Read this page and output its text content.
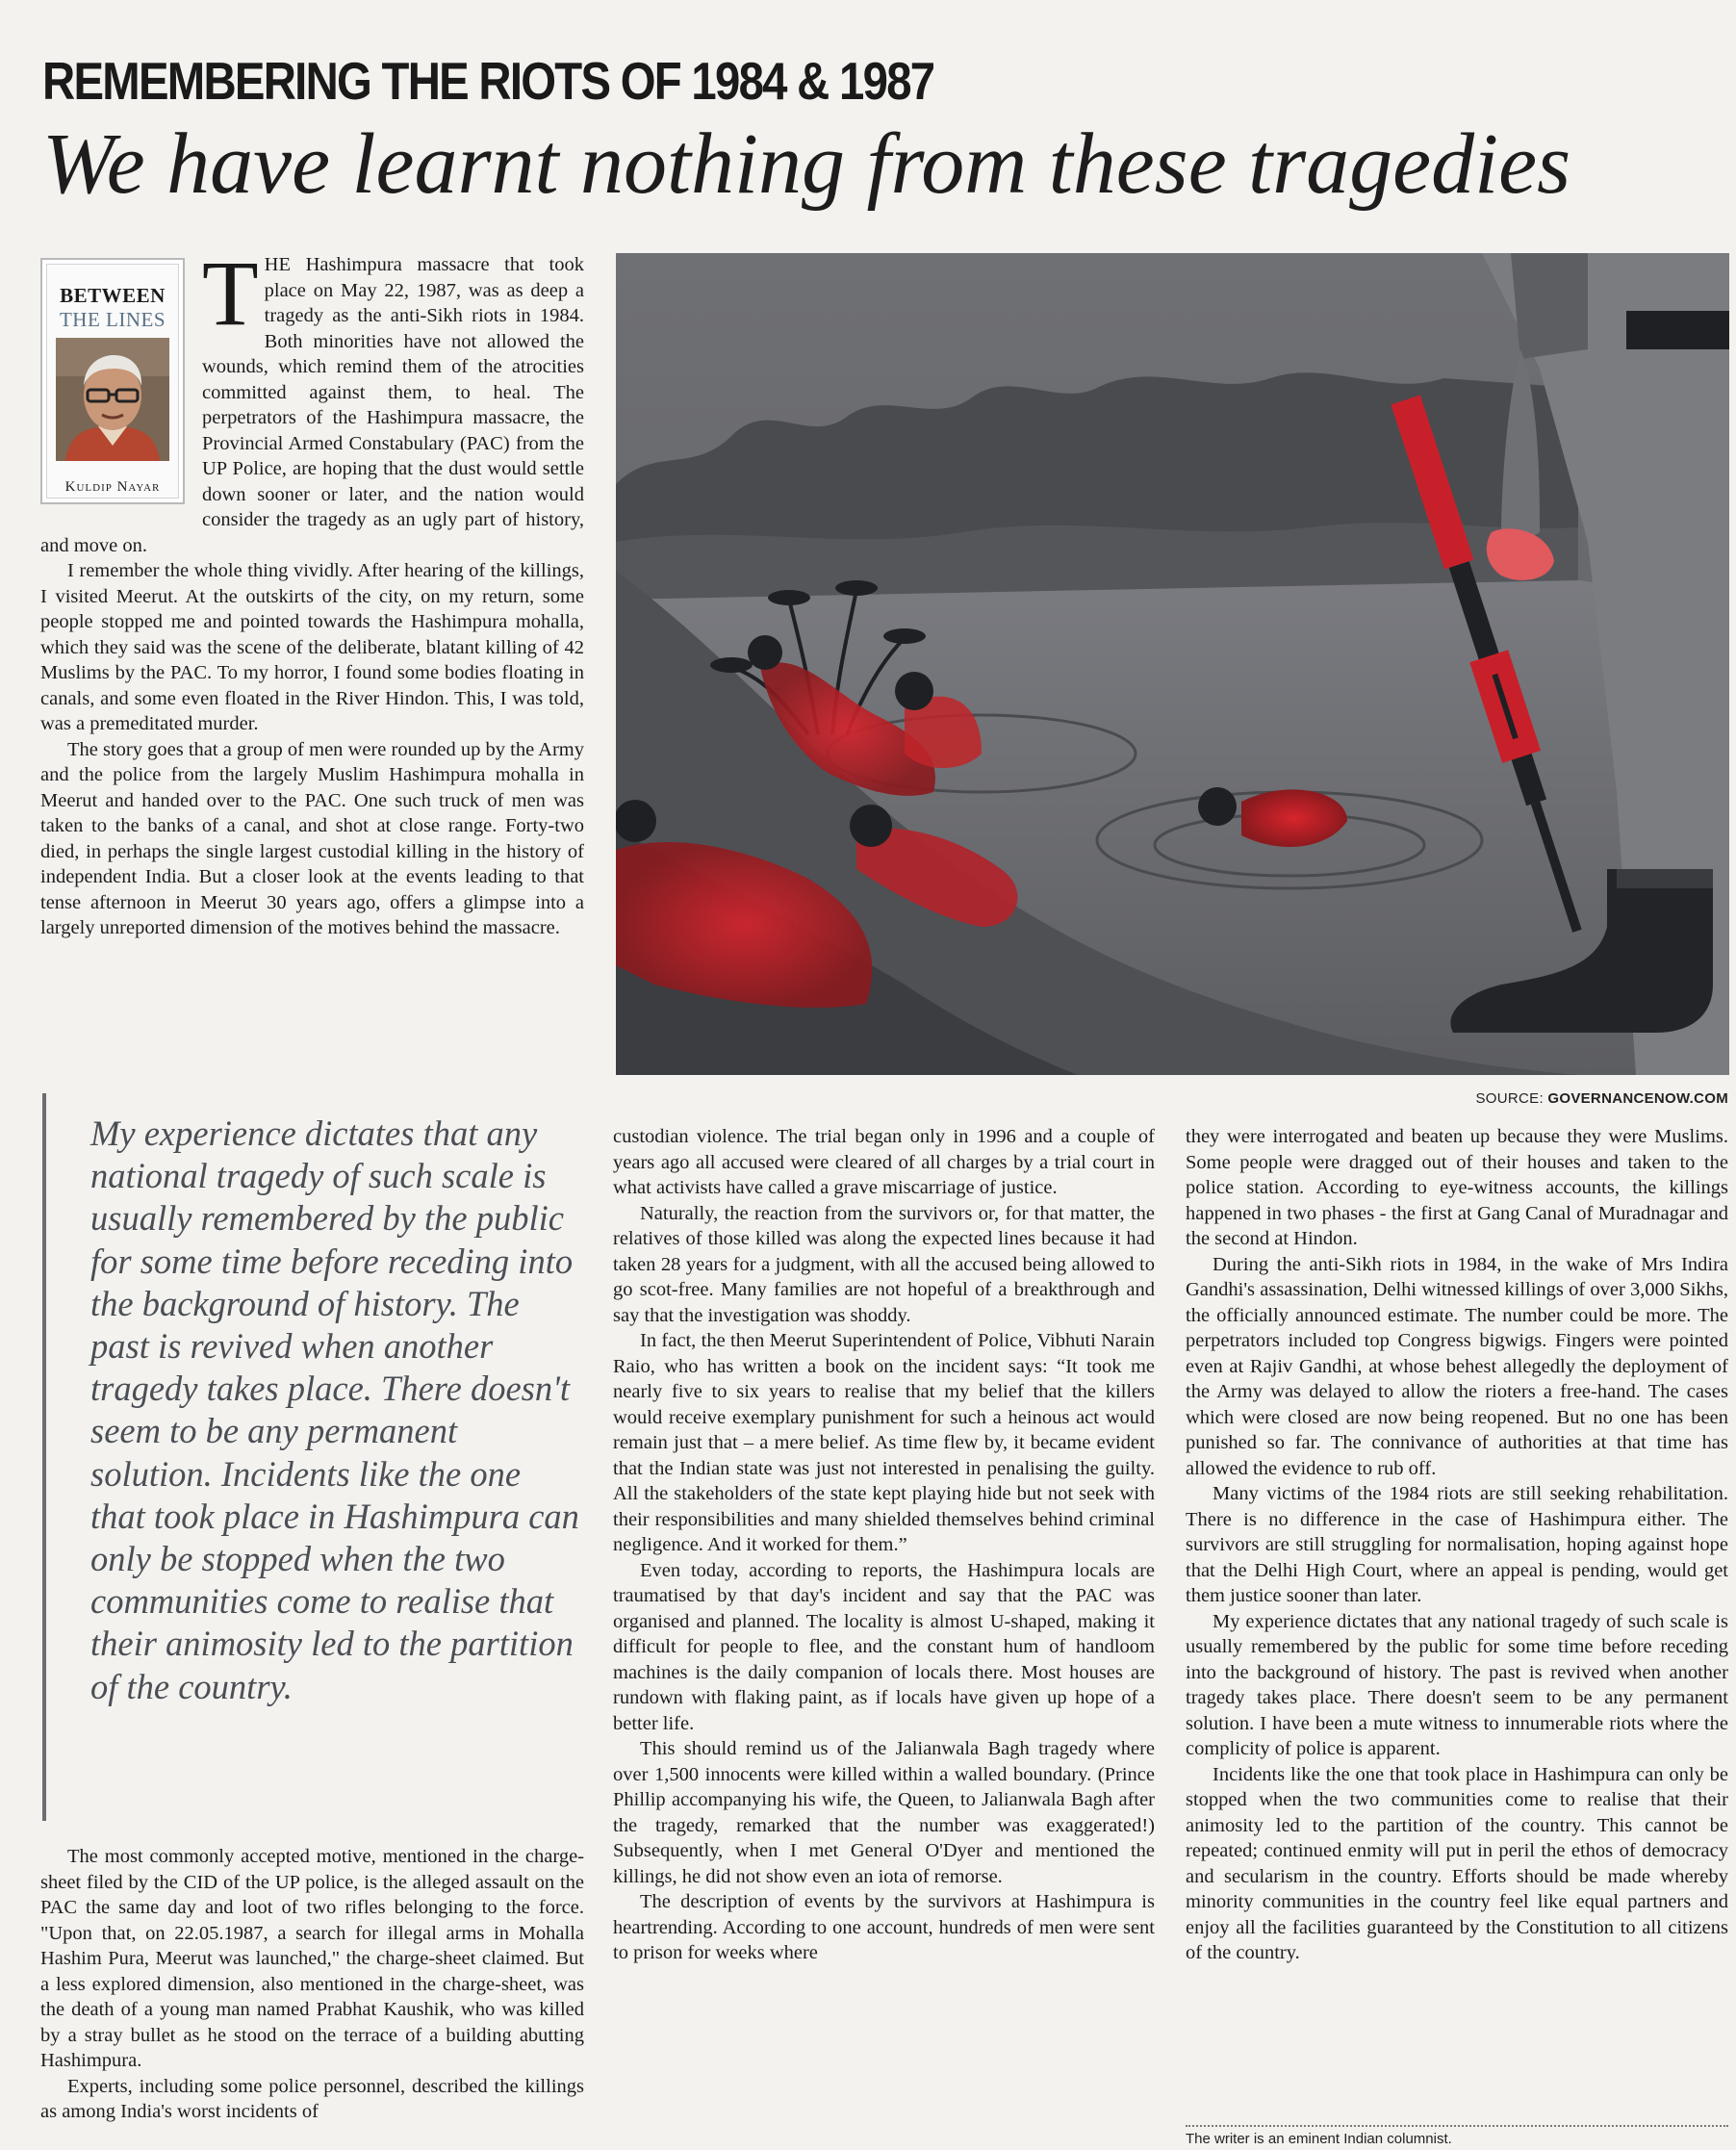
REMEMBERING THE RIOTS OF 1984 & 1987
We have learnt nothing from these tragedies
BETWEEN
THE LINES
Kuldip Nayar

THE Hashimpura massacre that took place on May 22, 1987, was as deep a tragedy as the anti-Sikh riots in 1984. Both minorities have not allowed the wounds, which remind them of the atrocities committed against them, to heal. The perpetrators of the Hashimpura massacre, the Provincial Armed Constabulary (PAC) from the UP Police, are hoping that the dust would settle down sooner or later, and the nation would consider the tragedy as an ugly part of history, and move on.

I remember the whole thing vividly. After hearing of the killings, I visited Meerut. At the outskirts of the city, on my return, some people stopped me and pointed towards the Hashimpura mohalla, which they said was the scene of the deliberate, blatant killing of 42 Muslims by the PAC. To my horror, I found some bodies floating in canals, and some even floated in the River Hindon. This, I was told, was a premeditated murder.

The story goes that a group of men were rounded up by the Army and the police from the largely Muslim Hashimpura mohalla in Meerut and handed over to the PAC. One such truck of men was taken to the banks of a canal, and shot at close range. Forty-two died, in perhaps the single largest custodial killing in the history of independent India. But a closer look at the events leading to that tense afternoon in Meerut 30 years ago, offers a glimpse into a largely unreported dimension of the motives behind the massacre.

SOURCE: GOVERNANCENOW.COM
My experience dictates that any national tragedy of such scale is usually remembered by the public for some time before receding into the background of history. The past is revived when another tragedy takes place. There doesn't seem to be any permanent solution. Incidents like the one that took place in Hashimpura can only be stopped when the two communities come to realise that their animosity led to the partition of the country.

The most commonly accepted motive, mentioned in the charge-sheet filed by the CID of the UP police, is the alleged assault on the PAC the same day and loot of two rifles belonging to the force. "Upon that, on 22.05.1987, a search for illegal arms in Mohalla Hashim Pura, Meerut was launched," the charge-sheet claimed. But a less explored dimension, also mentioned in the charge-sheet, was the death of a young man named Prabhat Kaushik, who was killed by a stray bullet as he stood on the terrace of a building abutting Hashimpura.

Experts, including some police personnel, described the killings as among India's worst incidents of

custodian violence. The trial began only in 1996 and a couple of years ago all accused were cleared of all charges by a trial court in what activists have called a grave miscarriage of justice.

Naturally, the reaction from the survivors or, for that matter, the relatives of those killed was along the expected lines because it had taken 28 years for a judgment, with all the accused being allowed to go scot-free. Many families are not hopeful of a breakthrough and say that the investigation was shoddy.

In fact, the then Meerut Superintendent of Police, Vibhuti Narain Raio, who has written a book on the incident says: “It took me nearly five to six years to realise that my belief that the killers would receive exemplary punishment for such a heinous act would remain just that – a mere belief. As time flew by, it became evident that the Indian state was just not interested in penalising the guilty. All the stakeholders of the state kept playing hide but not seek with their responsibilities and many shielded themselves behind criminal negligence. And it worked for them.”

Even today, according to reports, the Hashimpura locals are traumatised by that day's incident and say that the PAC was organised and planned. The locality is almost U-shaped, making it difficult for people to flee, and the constant hum of handloom machines is the daily companion of locals there. Most houses are rundown with flaking paint, as if locals have given up hope of a better life.

This should remind us of the Jalianwala Bagh tragedy where over 1,500 innocents were killed within a walled boundary. (Prince Phillip accompanying his wife, the Queen, to Jalianwala Bagh after the tragedy, remarked that the number was exaggerated!) Subsequently, when I met General O'Dyer and mentioned the killings, he did not show even an iota of remorse.

The description of events by the survivors at Hashimpura is heartrending. According to one account, hundreds of men were sent to prison for weeks where

they were interrogated and beaten up because they were Muslims. Some people were dragged out of their houses and taken to the police station. According to eye-witness accounts, the killings happened in two phases - the first at Gang Canal of Muradnagar and the second at Hindon.

During the anti-Sikh riots in 1984, in the wake of Mrs Indira Gandhi's assassination, Delhi witnessed killings of over 3,000 Sikhs, the officially announced estimate. The number could be more. The perpetrators included top Congress bigwigs. Fingers were pointed even at Rajiv Gandhi, at whose behest allegedly the deployment of the Army was delayed to allow the rioters a free-hand. The cases which were closed are now being reopened. But no one has been punished so far. The connivance of authorities at that time has allowed the evidence to rub off.

Many victims of the 1984 riots are still seeking rehabilitation. There is no difference in the case of Hashimpura either. The survivors are still struggling for normalisation, hoping against hope that the Delhi High Court, where an appeal is pending, would get them justice sooner than later.

My experience dictates that any national tragedy of such scale is usually remembered by the public for some time before receding into the background of history. The past is revived when another tragedy takes place. There doesn't seem to be any permanent solution. I have been a mute witness to innumerable riots where the complicity of police is apparent.

Incidents like the one that took place in Hashimpura can only be stopped when the two communities come to realise that their animosity led to the partition of the country. This cannot be repeated; continued enmity will put in peril the ethos of democracy and secularism in the country. Efforts should be made whereby minority communities in the country feel like equal partners and enjoy all the facilities guaranteed by the Constitution to all citizens of the country.

The writer is an eminent Indian columnist.
